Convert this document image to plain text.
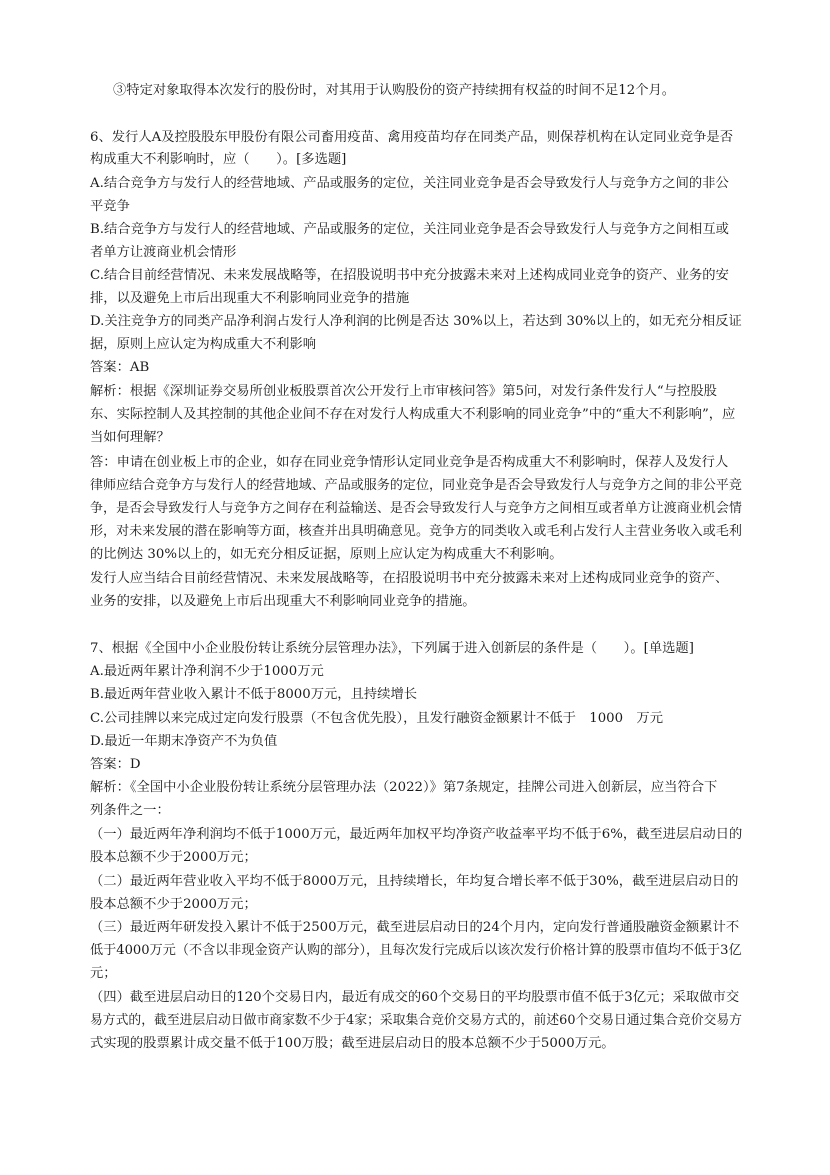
③特定对象取得本次发行的股份时，对其用于认购股份的资产持续拥有权益的时间不足12个月。

6、发行人A及控股股东甲股份有限公司畜用疫苗、禽用疫苗均存在同类产品，则保荐机构在认定同业竞争是否

构成重大不利影响时，应（　　）。[多选题]

A.结合竞争方与发行人的经营地域、产品或服务的定位，关注同业竞争是否会导致发行人与竞争方之间的非公

平竞争

B.结合竞争方与发行人的经营地域、产品或服务的定位，关注同业竞争是否会导致发行人与竞争方之间相互或

者单方让渡商业机会情形

C.结合目前经营情况、未来发展战略等，在招股说明书中充分披露未来对上述构成同业竞争的资产、业务的安

排，以及避免上市后出现重大不利影响同业竞争的措施

D.关注竞争方的同类产品净利润占发行人净利润的比例是否达 30%以上，若达到 30%以上的，如无充分相反证

据，原则上应认定为构成重大不利影响

答案：AB

解析：根据《深圳证券交易所创业板股票首次公开发行上市审核问答》第5问，对发行条件发行人“与控股股

东、实际控制人及其控制的其他企业间不存在对发行人构成重大不利影响的同业竞争”中的“重大不利影响”，应

当如何理解？

答：申请在创业板上市的企业，如存在同业竞争情形认定同业竞争是否构成重大不利影响时，保荐人及发行人

律师应结合竞争方与发行人的经营地域、产品或服务的定位，同业竞争是否会导致发行人与竞争方之间的非公平竞

争，是否会导致发行人与竞争方之间存在利益输送、是否会导致发行人与竞争方之间相互或者单方让渡商业机会情

形，对未来发展的潜在影响等方面，核查并出具明确意见。竞争方的同类收入或毛利占发行人主营业务收入或毛利

的比例达 30%以上的，如无充分相反证据，原则上应认定为构成重大不利影响。

发行人应当结合目前经营情况、未来发展战略等，在招股说明书中充分披露未来对上述构成同业竞争的资产、

业务的安排，以及避免上市后出现重大不利影响同业竞争的措施。

7、根据《全国中小企业股份转让系统分层管理办法》，下列属于进入创新层的条件是（　　）。[单选题]

A.最近两年累计净利润不少于1000万元

B.最近两年营业收入累计不低于8000万元，且持续增长

C.公司挂牌以来完成过定向发行股票（不包含优先股），且发行融资金额累计不低于　1000　万元

D.最近一年期末净资产不为负值

答案：D

解析：《全国中小企业股份转让系统分层管理办法（2022）》第7条规定，挂牌公司进入创新层，应当符合下

列条件之一：

（一）最近两年净利润均不低于1000万元，最近两年加权平均净资产收益率平均不低于6%，截至进层启动日的

股本总额不少于2000万元；

（二）最近两年营业收入平均不低于8000万元，且持续增长，年均复合增长率不低于30%，截至进层启动日的

股本总额不少于2000万元；

（三）最近两年研发投入累计不低于2500万元，截至进层启动日的24个月内，定向发行普通股融资金额累计不

低于4000万元（不含以非现金资产认购的部分），且每次发行完成后以该次发行价格计算的股票市值均不低于3亿

元；

（四）截至进层启动日的120个交易日内，最近有成交的60个交易日的平均股票市值不低于3亿元；采取做市交

易方式的，截至进层启动日做市商家数不少于4家；采取集合竞价交易方式的，前述60个交易日通过集合竞价交易方

式实现的股票累计成交量不低于100万股；截至进层启动日的股本总额不少于5000万元。
